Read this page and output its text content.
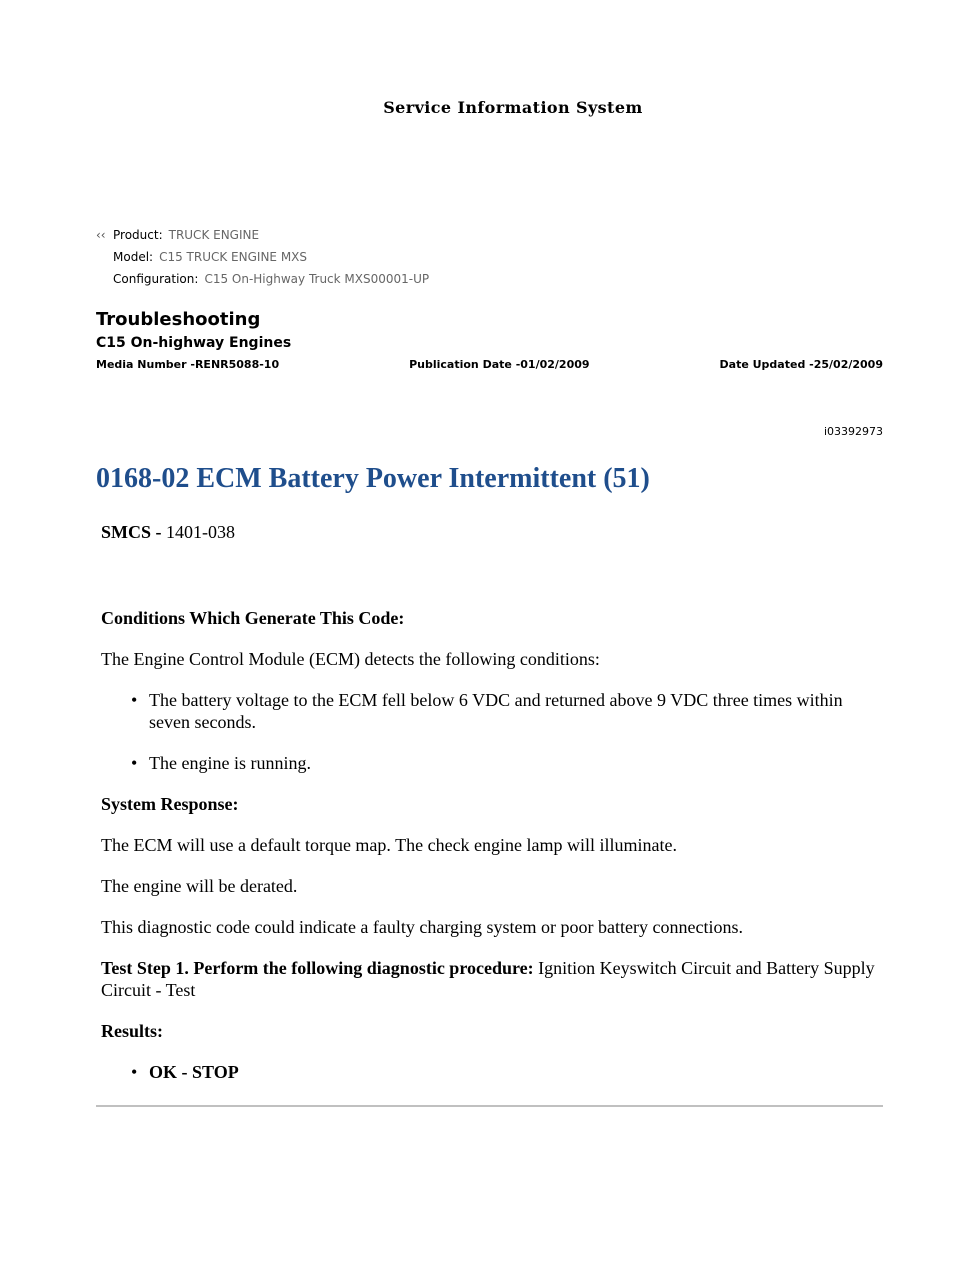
Service Information System
‹‹ Product: TRUCK ENGINE
Model: C15 TRUCK ENGINE MXS
Configuration: C15 On-Highway Truck MXS00001-UP

Troubleshooting

C15 On-highway Engines

Media Number -RENR5088-10	Publication Date -01/02/2009	Date Updated -25/02/2009
i03392973
0168-02 ECM Battery Power Intermittent (51)

SMCS - 1401-038

Conditions Which Generate This Code:

The Engine Control Module (ECM) detects the following conditions:

• The battery voltage to the ECM fell below 6 VDC and returned above 9 VDC three times within seven seconds.
• The engine is running.

System Response:

The ECM will use a default torque map. The check engine lamp will illuminate.

The engine will be derated.

This diagnostic code could indicate a faulty charging system or poor battery connections.

Test Step 1. Perform the following diagnostic procedure: Ignition Keyswitch Circuit and Battery Supply Circuit - Test

Results:

• OK - STOP
